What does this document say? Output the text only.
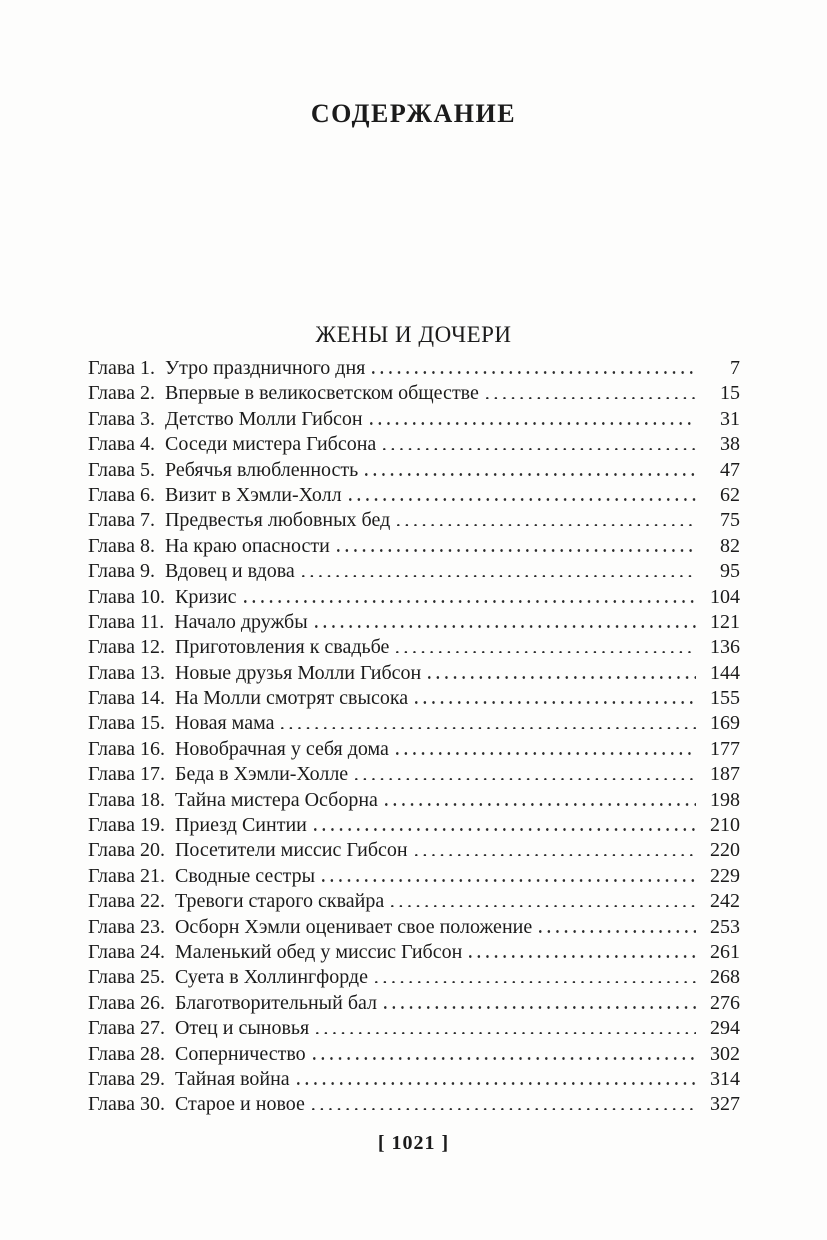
СОДЕРЖАНИЕ
ЖЕНЫ И ДОЧЕРИ
Глава 1. Утро праздничного дня	7
Глава 2. Впервые в великосветском обществе	15
Глава 3. Детство Молли Гибсон	31
Глава 4. Соседи мистера Гибсона	38
Глава 5. Ребячья влюбленность	47
Глава 6. Визит в Хэмли-Холл	62
Глава 7. Предвестья любовных бед	75
Глава 8. На краю опасности	82
Глава 9. Вдовец и вдова	95
Глава 10. Кризис	104
Глава 11. Начало дружбы	121
Глава 12. Приготовления к свадьбе	136
Глава 13. Новые друзья Молли Гибсон	144
Глава 14. На Молли смотрят свысока	155
Глава 15. Новая мама	169
Глава 16. Новобрачная у себя дома	177
Глава 17. Беда в Хэмли-Холле	187
Глава 18. Тайна мистера Осборна	198
Глава 19. Приезд Синтии	210
Глава 20. Посетители миссис Гибсон	220
Глава 21. Сводные сестры	229
Глава 22. Тревоги старого сквайра	242
Глава 23. Осборн Хэмли оценивает свое положение	253
Глава 24. Маленький обед у миссис Гибсон	261
Глава 25. Суета в Холлингфорде	268
Глава 26. Благотворительный бал	276
Глава 27. Отец и сыновья	294
Глава 28. Соперничество	302
Глава 29. Тайная война	314
Глава 30. Старое и новое	327
[ 1021 ]
